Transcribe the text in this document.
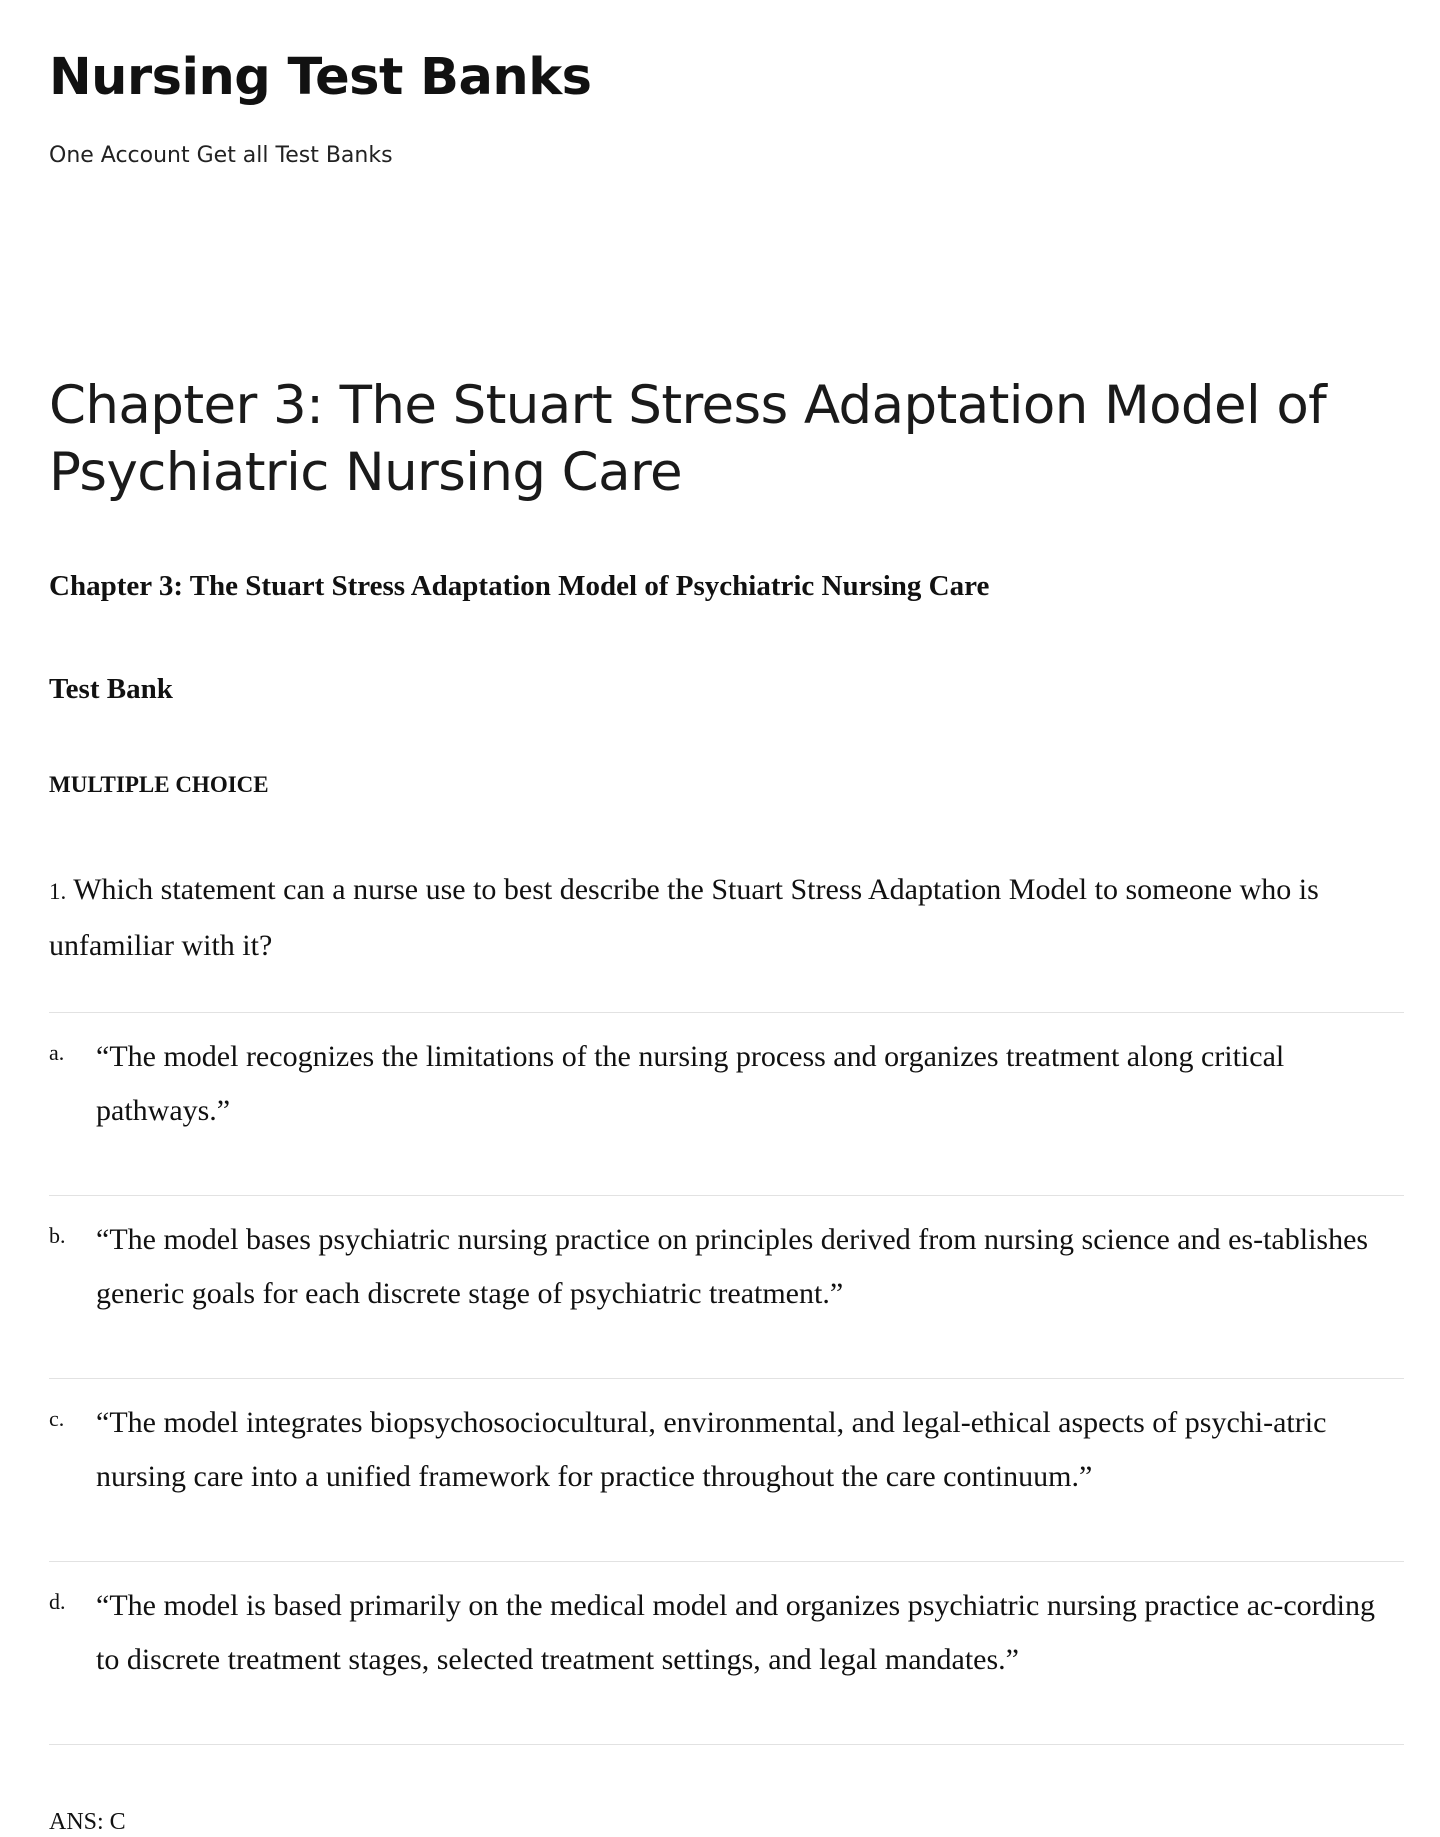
Nursing Test Banks
One Account Get all Test Banks
Chapter 3: The Stuart Stress Adaptation Model of Psychiatric Nursing Care
Chapter 3: The Stuart Stress Adaptation Model of Psychiatric Nursing Care
Test Bank
MULTIPLE CHOICE
1. Which statement can a nurse use to best describe the Stuart Stress Adaptation Model to someone who is unfamiliar with it?
a. “The model recognizes the limitations of the nursing process and organizes treatment along critical pathways.”
b. “The model bases psychiatric nursing practice on principles derived from nursing science and es-tablishes generic goals for each discrete stage of psychiatric treatment.”
c. “The model integrates biopsychosociocultural, environmental, and legal-ethical aspects of psychi-atric nursing care into a unified framework for practice throughout the care continuum.”
d. “The model is based primarily on the medical model and organizes psychiatric nursing practice ac-cording to discrete treatment stages, selected treatment settings, and legal mandates.”
ANS: C
